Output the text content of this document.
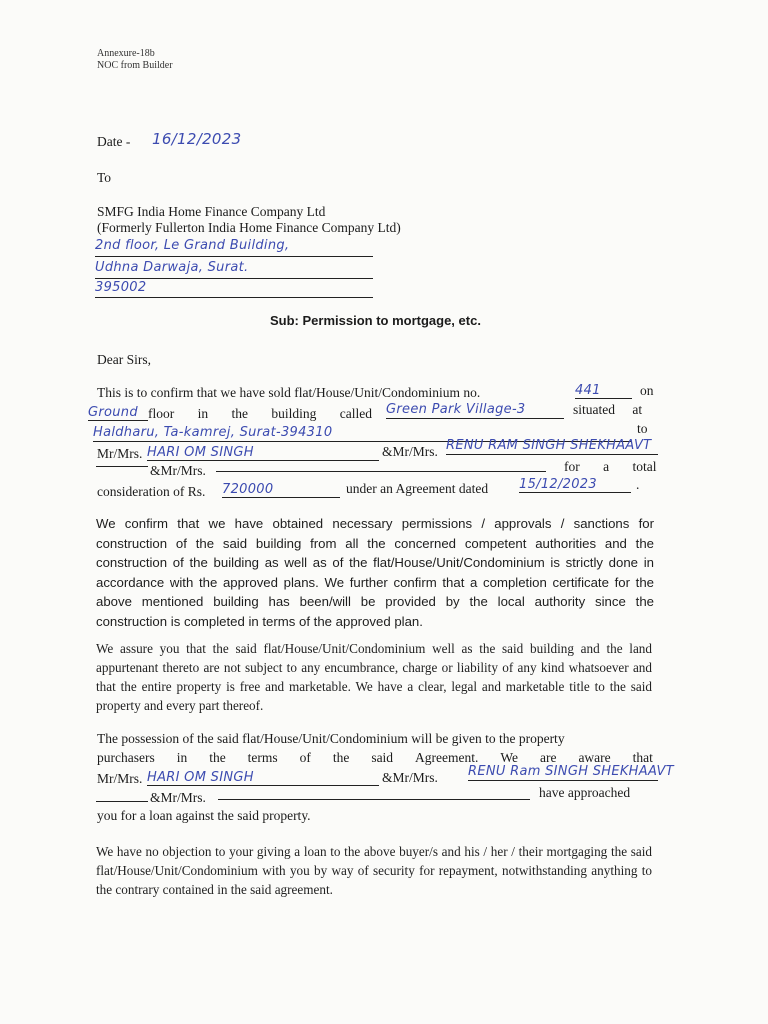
Annexure-18b
NOC from Builder
Date - 16/12/2023
To
SMFG India Home Finance Company Ltd
(Formerly Fullerton India Home Finance Company Ltd)
2nd floor, Le Grand Building,
Udhna Darwaja, Surat.
395002
Sub: Permission to mortgage, etc.
Dear Sirs,
This is to confirm that we have sold flat/House/Unit/Condominium no.	441	on
Ground floor in the building called Green Park Village-3	situated at
Haldharu, Ta-kamrej, Surat-394310	to
Mr/Mrs. HARI OM SINGH	&Mr/Mrs. RENU RAM SINGH SHEKHAAVT
&Mr/Mrs.	for a total
consideration of Rs. 720000	under an Agreement dated 15/12/2023	.
We confirm that we have obtained necessary permissions / approvals / sanctions for construction of the said building from all the concerned competent authorities and the construction of the building as well as of the flat/House/Unit/Condominium is strictly done in accordance with the approved plans. We further confirm that a completion certificate for the above mentioned building has been/will be provided by the local authority since the construction is completed in terms of the approved plan.
We assure you that the said flat/House/Unit/Condominium well as the said building and the land appurtenant thereto are not subject to any encumbrance, charge or liability of any kind whatsoever and that the entire property is free and marketable. We have a clear, legal and marketable title to the said property and every part thereof.
The possession of the said flat/House/Unit/Condominium will be given to the property
purchasers in the terms of the said Agreement. We are aware that
Mr/Mrs. HARI OM SINGH	&Mr/Mrs. RENU Ram SINGH SHEKHAAVT
&Mr/Mrs.	have approached
you for a loan against the said property.
We have no objection to your giving a loan to the above buyer/s and his / her / their mortgaging the said flat/House/Unit/Condominium with you by way of security for repayment, notwithstanding anything to the contrary contained in the said agreement.
